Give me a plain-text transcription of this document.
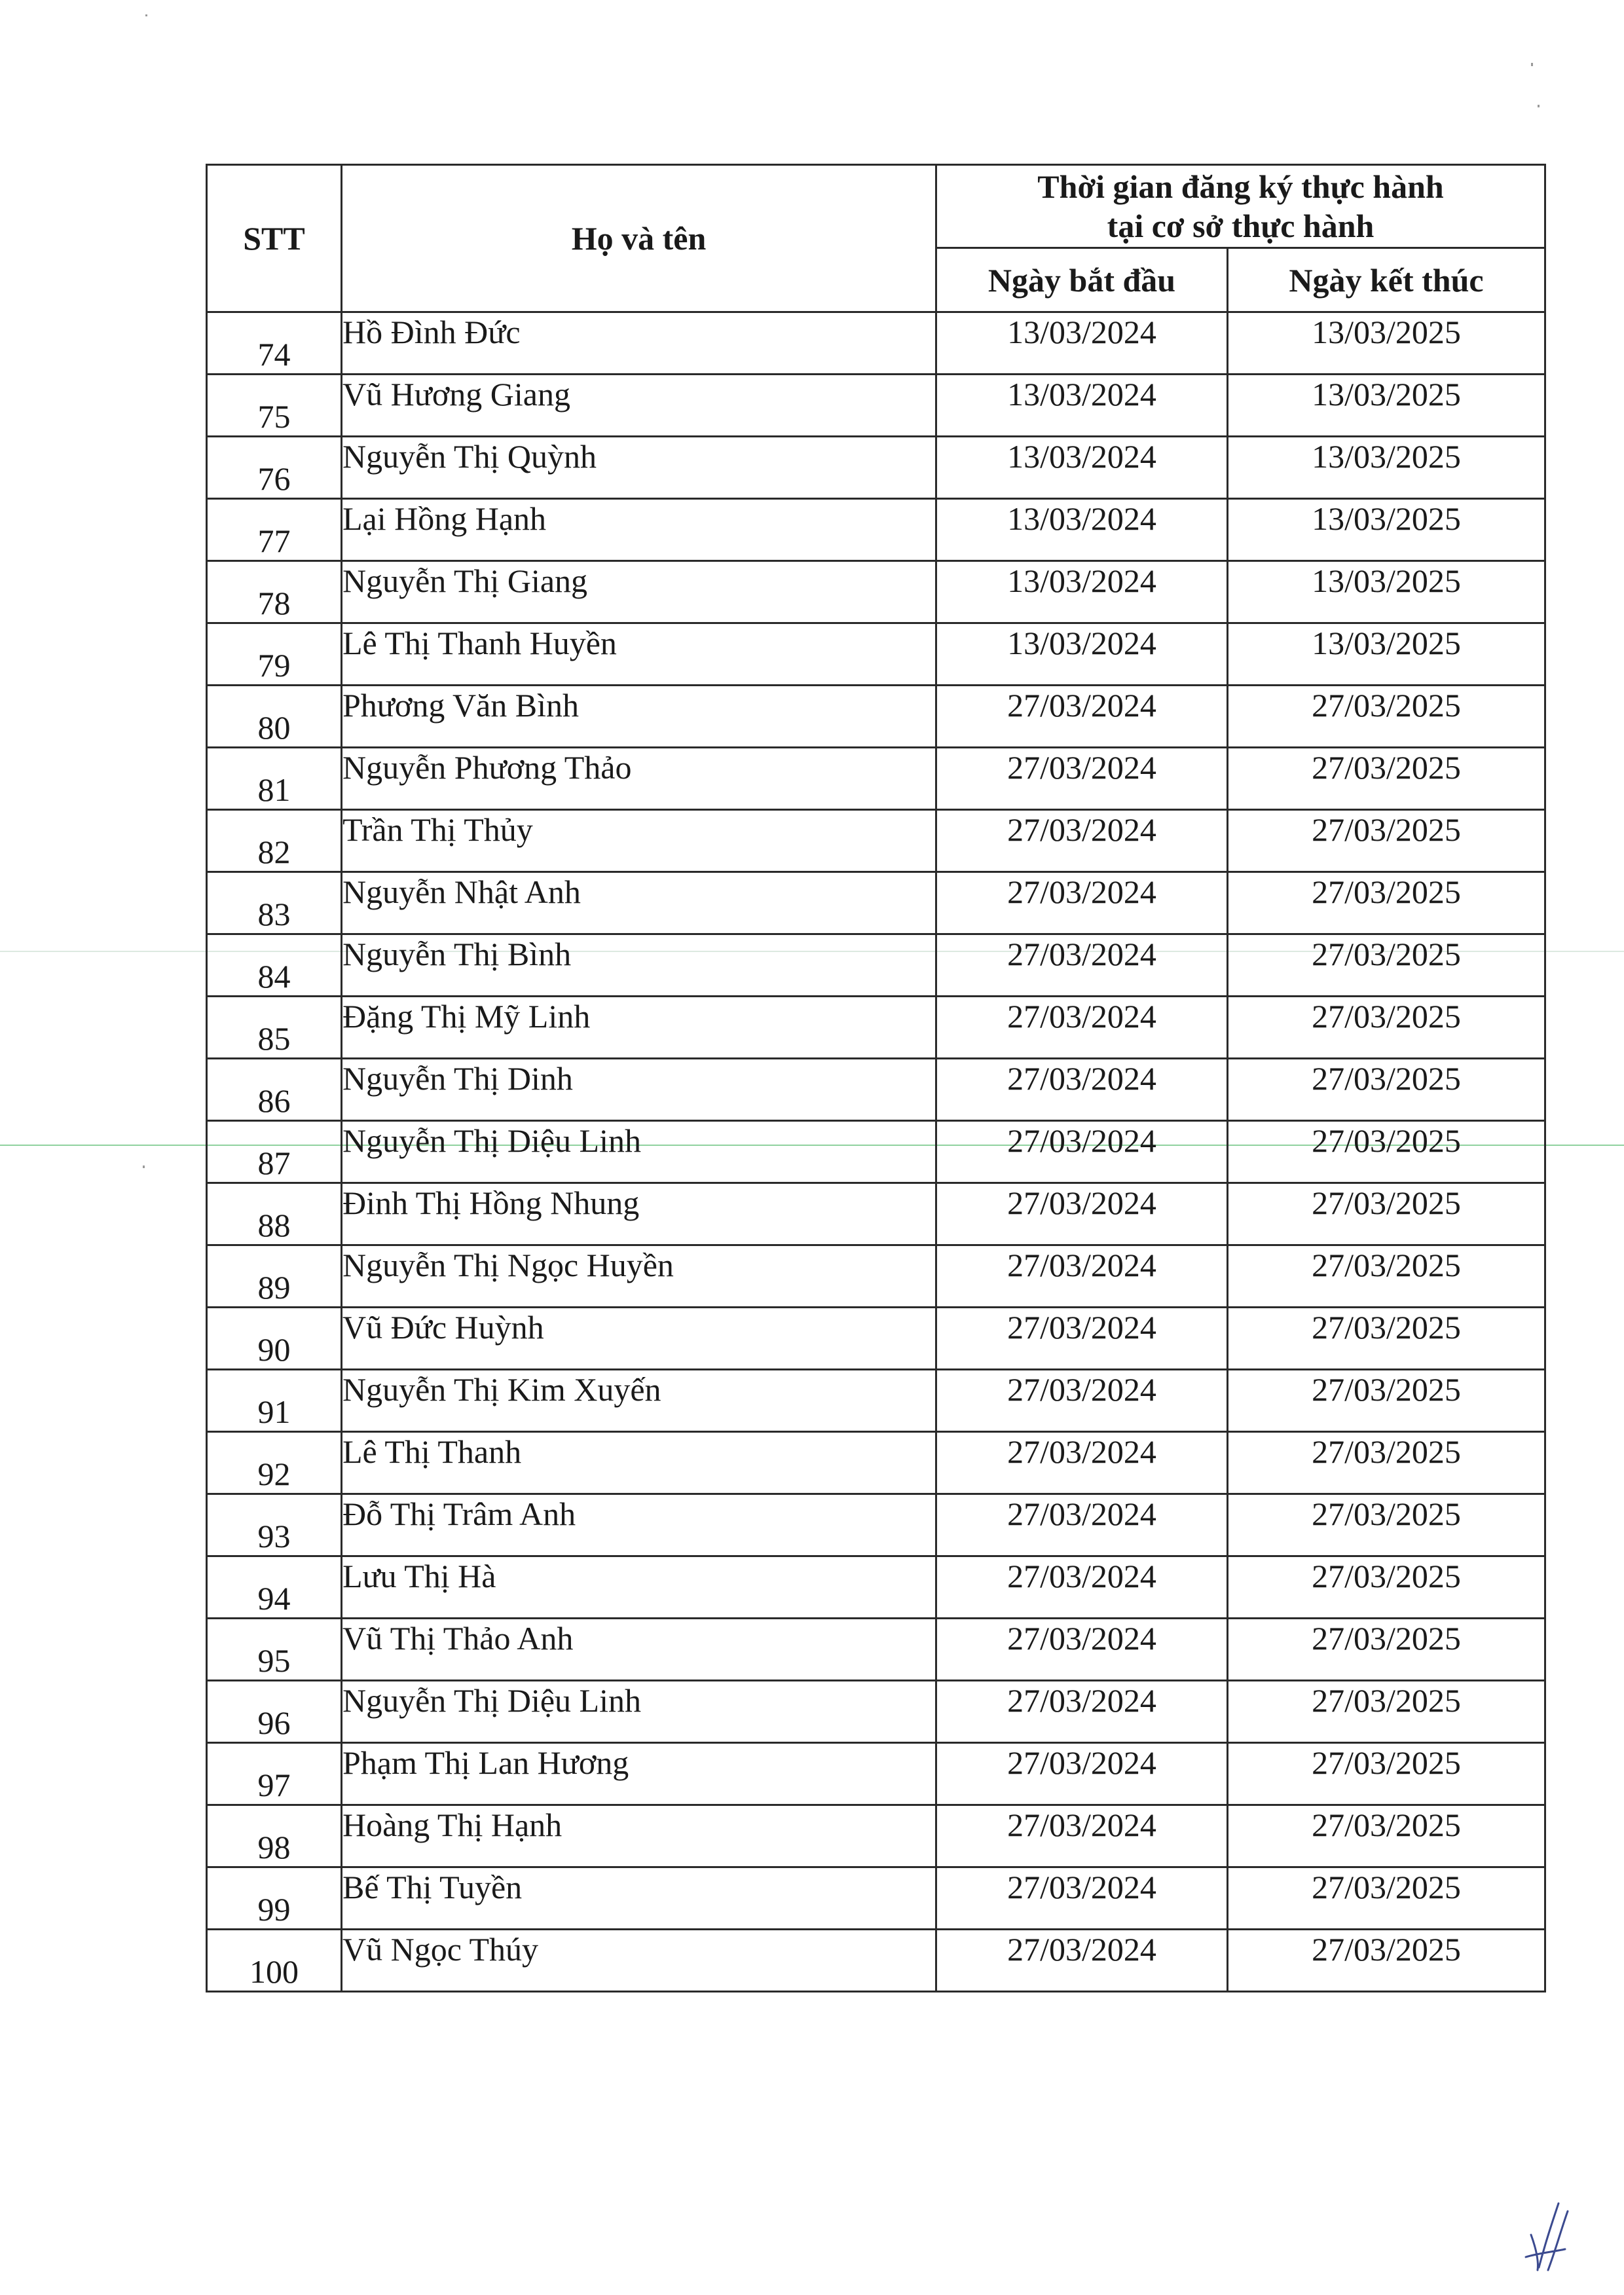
STT	Họ và tên	Thời gian đăng ký thực hành
tại cơ sở thực hành	

		Ngày bắt đầu	Ngày kết thúc
74	Hồ Đình Đức	13/03/2024	13/03/2025
75	Vũ Hương Giang	13/03/2024	13/03/2025
76	Nguyễn Thị Quỳnh	13/03/2024	13/03/2025
77	Lại Hồng Hạnh	13/03/2024	13/03/2025
78	Nguyễn Thị Giang	13/03/2024	13/03/2025
79	Lê Thị Thanh Huyền	13/03/2024	13/03/2025
80	Phương Văn Bình	27/03/2024	27/03/2025
81	Nguyễn Phương Thảo	27/03/2024	27/03/2025
82	Trần Thị Thủy	27/03/2024	27/03/2025
83	Nguyễn Nhật Anh	27/03/2024	27/03/2025
84	Nguyễn Thị Bình	27/03/2024	27/03/2025
85	Đặng Thị Mỹ Linh	27/03/2024	27/03/2025
86	Nguyễn Thị Dinh	27/03/2024	27/03/2025
87	Nguyễn Thị Diệu Linh	27/03/2024	27/03/2025
88	Đinh Thị Hồng Nhung	27/03/2024	27/03/2025
89	Nguyễn Thị Ngọc Huyền	27/03/2024	27/03/2025
90	Vũ Đức Huỳnh	27/03/2024	27/03/2025
91	Nguyễn Thị Kim Xuyến	27/03/2024	27/03/2025
92	Lê Thị Thanh	27/03/2024	27/03/2025
93	Đỗ Thị Trâm Anh	27/03/2024	27/03/2025
94	Lưu Thị Hà	27/03/2024	27/03/2025
95	Vũ Thị Thảo Anh	27/03/2024	27/03/2025
96	Nguyễn Thị Diệu Linh	27/03/2024	27/03/2025
97	Phạm Thị Lan Hương	27/03/2024	27/03/2025
98	Hoàng Thị Hạnh	27/03/2024	27/03/2025
99	Bế Thị Tuyền	27/03/2024	27/03/2025
100	Vũ Ngọc Thúy	27/03/2024	27/03/2025
